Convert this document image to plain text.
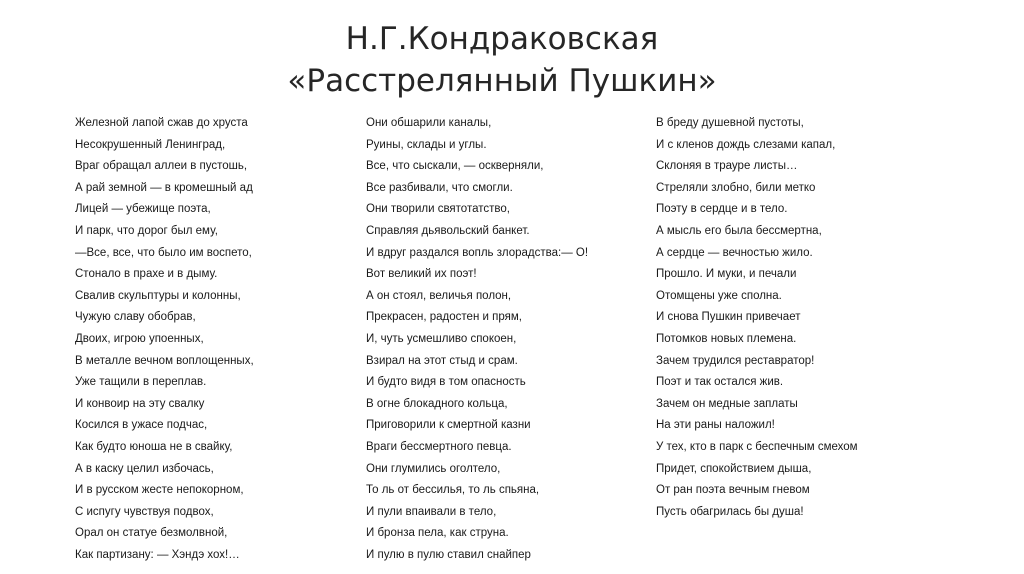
Н.Г.Кондраковская
«Расстрелянный Пушкин»
Железной лапой сжав до хруста
Несокрушенный Ленинград,
Враг обращал аллеи в пустошь,
А рай земной — в кромешный ад
Лицей — убежище поэта,
И парк, что дорог был ему,
—Все, все, что было им воспето,
Стонало в прахе и в дыму.
Свалив скульптуры и колонны,
Чужую славу обобрав,
Двоих, игрою упоенных,
В металле вечном воплощенных,
Уже тащили в переплав.
И конвоир на эту свалку
Косился в ужасе подчас,
Как будто юноша не в свайку,
А в каску целил избочась,
И в русском жесте непокорном,
С испугу чувствуя подвох,
Орал он статуе безмолвной,
Как партизану: — Хэндэ хох!…
Они обшарили каналы,
Руины, склады и углы.
Все, что сыскали, — оскверняли,
Все разбивали, что смогли.
Они творили святотатство,
Справляя дьявольский банкет.
И вдруг раздался вопль злорадства:— О!
Вот великий их поэт!
А он стоял, величья полон,
Прекрасен, радостен и прям,
И, чуть усмешливо спокоен,
Взирал на этот стыд и срам.
И будто видя в том опасность
В огне блокадного кольца,
Приговорили к смертной казни
Враги бессмертного певца.
Они глумились оголтело,
То ль от бессилья, то ль спьяна,
И пули впаивали в тело,
И бронза пела, как струна.
И пулю в пулю ставил снайпер
В бреду душевной пустоты,
И с кленов дождь слезами капал,
Склоняя в трауре листы…
Стреляли злобно, били метко
Поэту в сердце и в тело.
А мысль его была бессмертна,
А сердце — вечностью жило.
Прошло. И муки, и печали
Отомщены уже сполна.
И снова Пушкин привечает
Потомков новых племена.
Зачем трудился реставратор!
Поэт и так остался жив.
Зачем он медные заплаты
На эти раны наложил!
У тех, кто в парк с беспечным смехом
Придет, спокойствием дыша,
От ран поэта вечным гневом
Пусть обагрилась бы душа!
